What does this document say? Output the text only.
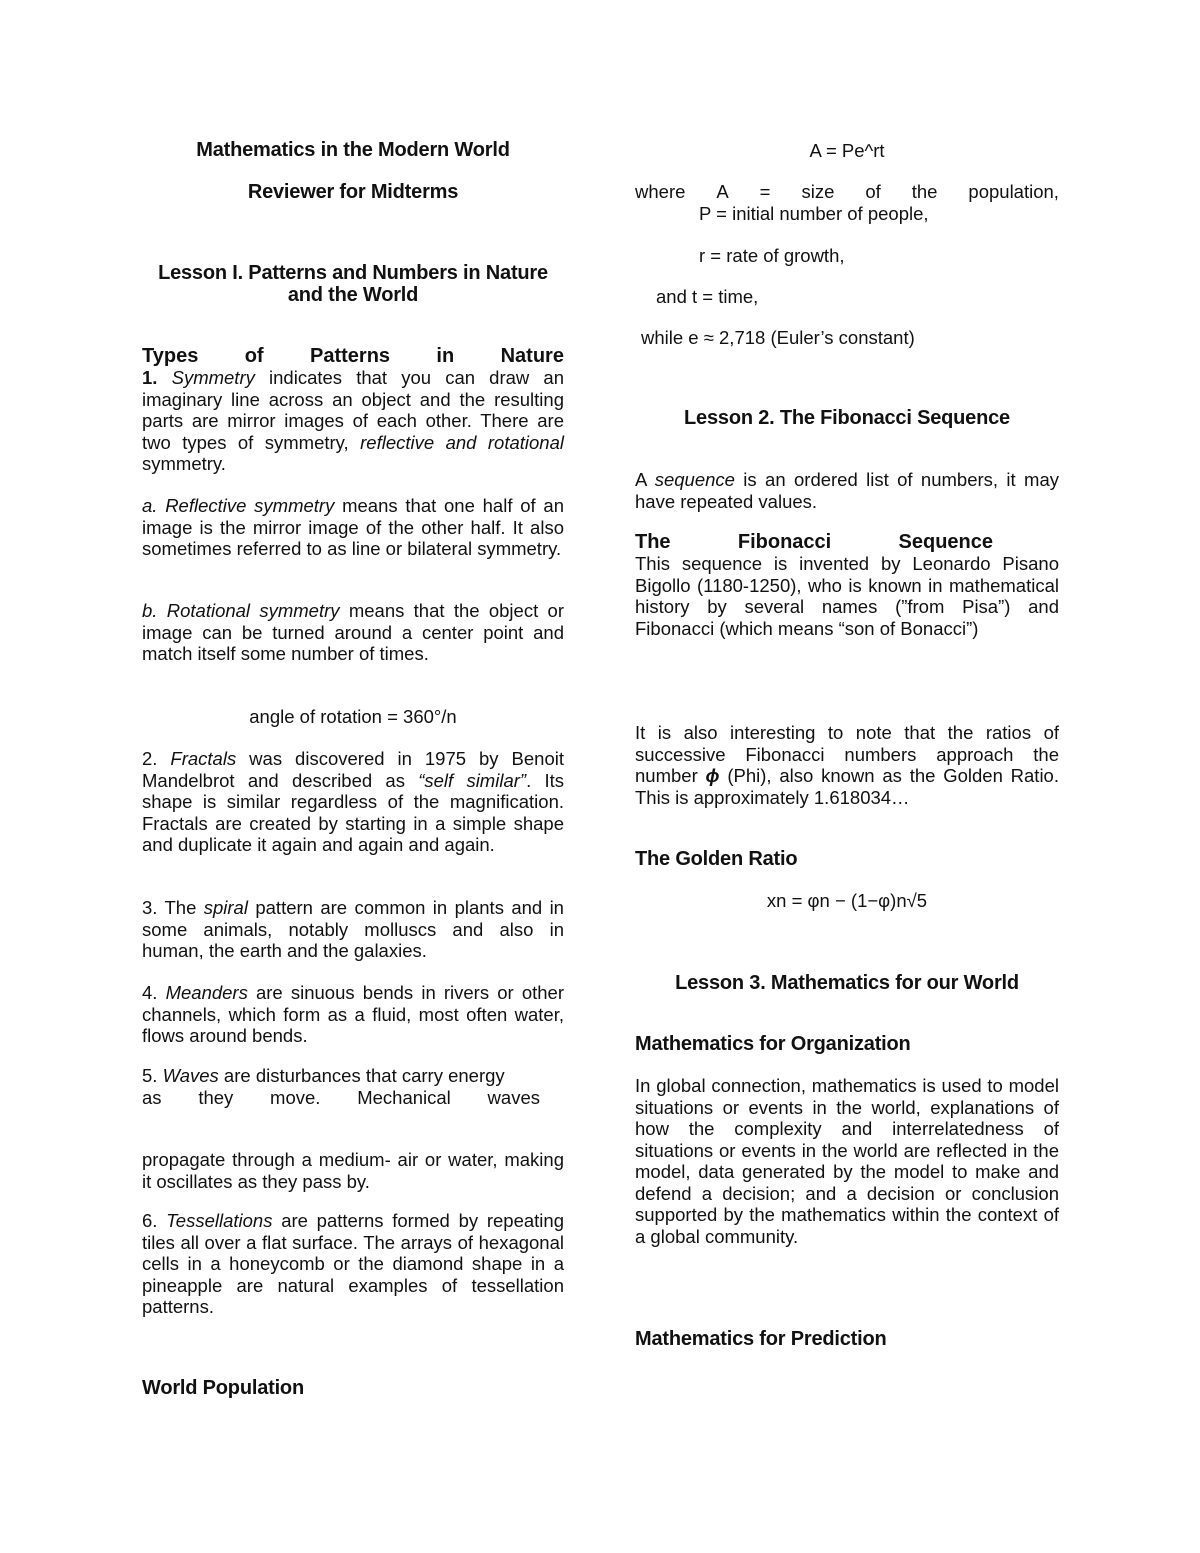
Mathematics in the Modern World
Reviewer for Midterms

Lesson I. Patterns and Numbers in Nature

and the World

Types of Patterns in Nature

1. Symmetry indicates that you can draw an imaginary line across an object and the resulting parts are mirror images of each other. There are two types of symmetry, reflective and rotational symmetry.

a. Reflective symmetry means that one half of an image is the mirror image of the other half. It also sometimes referred to as line or bilateral symmetry.

b. Rotational symmetry means that the object or image can be turned around a center point and match itself some number of times.

angle of rotation = 360°/n

2. Fractals was discovered in 1975 by Benoit Mandelbrot and described as “self similar”. Its shape is similar regardless of the magnification. Fractals are created by starting in a simple shape and duplicate it again and again and again.

3. The spiral pattern are common in plants and in some animals, notably molluscs and also in human, the earth and the galaxies.

4. Meanders are sinuous bends in rivers or other channels, which form as a fluid, most often water, flows around bends.

5. Waves are disturbances that carry energy

as they move. Mechanical waves

propagate through a medium- air or water, making it oscillates as they pass by.

6. Tessellations are patterns formed by repeating tiles all over a flat surface. The arrays of hexagonal cells in a honeycomb or the diamond shape in a pineapple are natural examples of tessellation patterns.

World Population

A = Pe^rt

where A = size of the population,

P = initial number of people,

r = rate of growth,

and t = time,

while e ≈ 2,718 (Euler’s constant)

Lesson 2. The Fibonacci Sequence

A sequence is an ordered list of numbers, it may have repeated values.

The	Fibonacci	Sequence

This sequence is invented by Leonardo Pisano Bigollo (1180-1250), who is known in mathematical history by several names (”from Pisa”) and Fibonacci (which means “son of Bonacci”)

It is also interesting to note that the ratios of successive Fibonacci numbers approach the number ϕ (Phi), also known as the Golden Ratio. This is approximately 1.618034…

The Golden Ratio

xn = φn − (1−φ)n√5

Lesson 3. Mathematics for our World
Mathematics for Organization

In global connection, mathematics is used to model situations or events in the world, explanations of how the complexity and interrelatedness of situations or events in the world are reflected in the model, data generated by the model to make and defend a decision; and a decision or conclusion supported by the mathematics within the context of a global community.

Mathematics for Prediction
